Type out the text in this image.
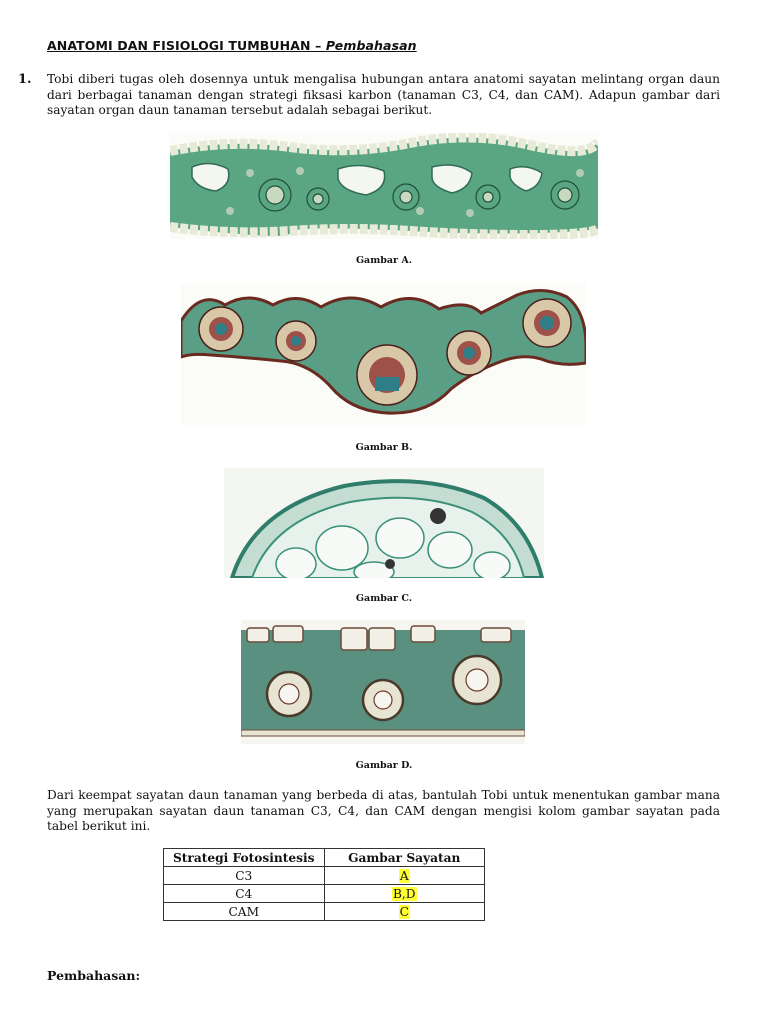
ANATOMI DAN FISIOLOGI TUMBUHAN – Pembahasan
1. Tobi diberi tugas oleh dosennya untuk mengalisa hubungan antara anatomi sayatan melintang organ daun dari berbagai tanaman dengan strategi fiksasi karbon (tanaman C3, C4, dan CAM). Adapun gambar dari sayatan organ daun tanaman tersebut adalah sebagai berikut.
Gambar A.
Gambar B.
Gambar C.
Gambar D.
Dari keempat sayatan daun tanaman yang berbeda di atas, bantulah Tobi untuk menentukan gambar mana yang merupakan sayatan daun tanaman C3, C4, dan CAM dengan mengisi kolom gambar sayatan pada tabel berikut ini.
Strategi Fotosintesis	Gambar Sayatan
C3	A
C4	B,D
CAM	C
Pembahasan:
